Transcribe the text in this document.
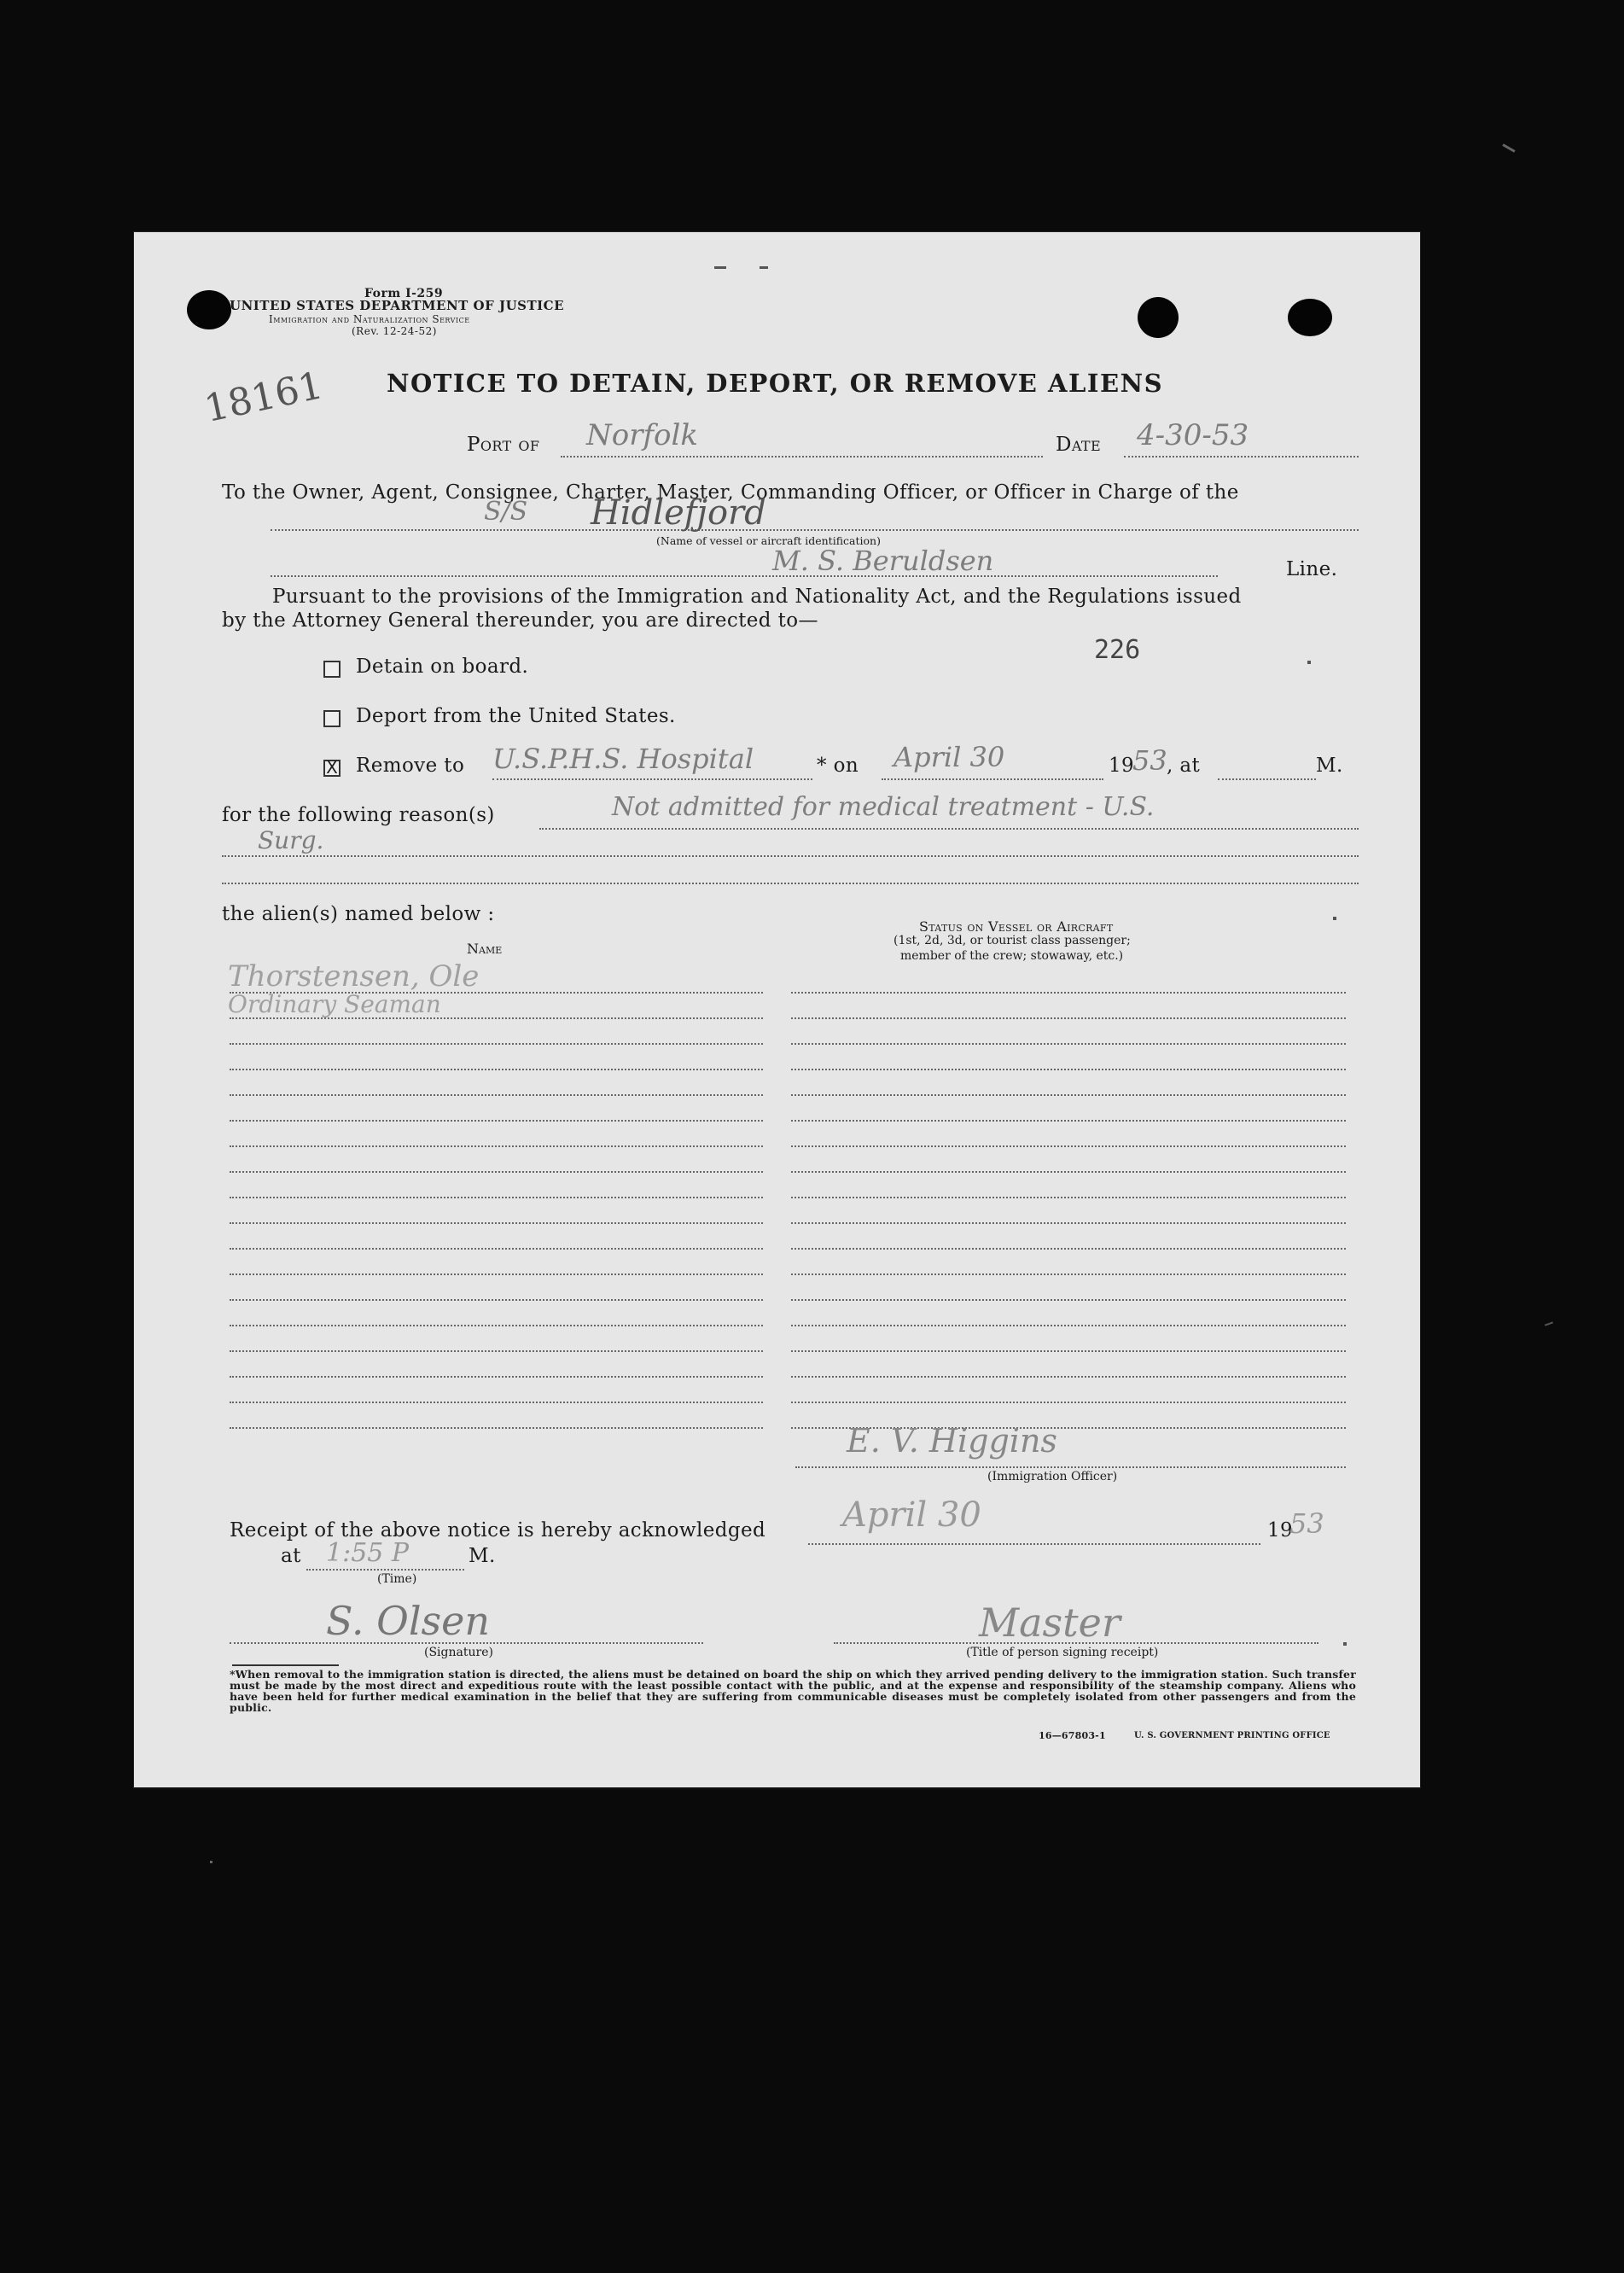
Form I-259
UNITED STATES DEPARTMENT OF JUSTICE
Immigration and Naturalization Service
(Rev. 12-24-52)
18161 NOTICE TO DETAIN, DEPORT, OR REMOVE ALIENS
Port of Norfolk	Date 4-30-53
To the Owner, Agent, Consignee, Charter, Master, Commanding Officer, or Officer in Charge of the
S/S Hidlefjord
(Name of vessel or aircraft identification)
M. S. Beruldsen	Line.
Pursuant to the provisions of the Immigration and Nationality Act, and the Regulations issued
by the Attorney General thereunder, you are directed to—
226
Detain on board.
Deport from the United States.
X Remove to U.S.P.H.S. Hospital	* on April 30	19
53 , at	M.
for the following reason(s)	Not admitted for medical treatment - U.S.
Surg.
the alien(s) named below :
Name
Status on Vessel or Aircraft
(1st, 2d, 3d, or tourist class passenger;
member of the crew; stowaway, etc.)
Thorstensen, Ole
Ordinary Seaman
E. V. Higgins
(Immigration Officer)
Receipt of the above notice is hereby acknowledged April 30	19
53
at 1:55 P	M.
(Time)
S. Olsen
(Signature)
Master
(Title of person signing receipt)
*When removal to the immigration station is directed, the aliens must be detained on board the ship on which they arrived pending delivery to the immigration station. Such transfer must be made by the most direct and expeditious route with the least possible contact with the public, and at the expense and responsibility of the steamship company. Aliens who have been held for further medical examination in the belief that they are suffering from communicable diseases must be completely isolated from other passengers and from the public.
16—67803-1	U. S. GOVERNMENT PRINTING OFFICE
